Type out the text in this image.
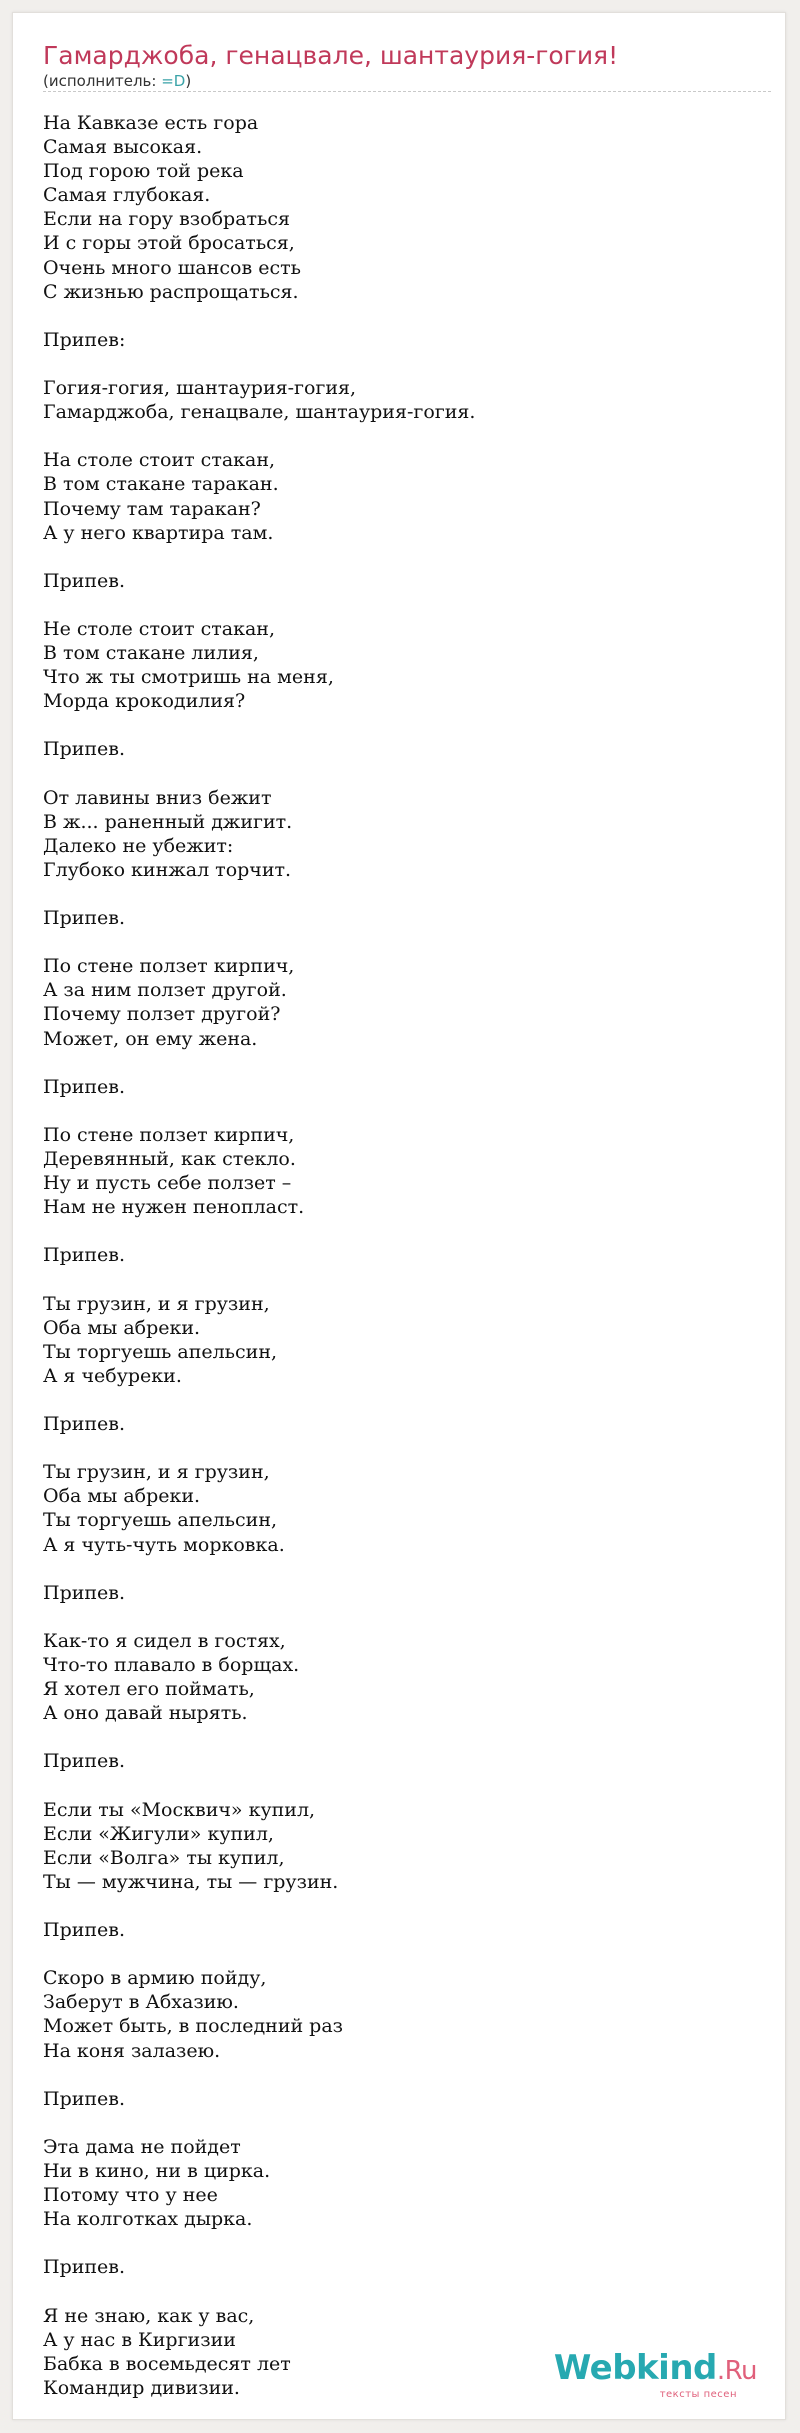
Гамарджоба, генацвале, шантаурия-гогия!

(исполнитель: =D)

На Кавказе есть гора
Самая высокая.
Под горою той река
Самая глубокая.
Если на гору взобраться
И с горы этой бросаться,
Очень много шансов есть
С жизнью распрощаться.

Припев:

Гогия-гогия, шантаурия-гогия,
Гамарджоба, генацвале, шантаурия-гогия.

На столе стоит стакан,
В том стакане таракан.
Почему там таракан?
А у него квартира там.

Припев.

Не столе стоит стакан,
В том стакане лилия,
Что ж ты смотришь на меня,
Морда крокодилия?

Припев.

От лавины вниз бежит
В ж... раненный джигит.
Далеко не убежит:
Глубоко кинжал торчит.

Припев.

По стене ползет кирпич,
А за ним ползет другой.
Почему ползет другой?
Может, он ему жена.

Припев.

По стене ползет кирпич,
Деревянный, как стекло.
Ну и пусть себе ползет –
Нам не нужен пенопласт.

Припев.

Ты грузин, и я грузин,
Оба мы абреки.
Ты торгуешь апельсин,
А я чебуреки.

Припев.

Ты грузин, и я грузин,
Оба мы абреки.
Ты торгуешь апельсин,
А я чуть-чуть морковка.

Припев.

Как-то я сидел в гостях,
Что-то плавало в борщах.
Я хотел его поймать,
А оно давай нырять.

Припев.

Если ты «Москвич» купил,
Если «Жигули» купил,
Если «Волга» ты купил,
Ты — мужчина, ты — грузин.

Припев.

Скоро в армию пойду,
Заберут в Абхазию.
Может быть, в последний раз
На коня залазею.

Припев.

Эта дама не пойдет
Ни в кино, ни в цирка.
Потому что у нее
На колготках дырка.

Припев.

Я не знаю, как у вас,
А у нас в Киргизии
Бабка в восемьдесят лет
Командир дивизии.	Webkind.Ru
тексты песен
